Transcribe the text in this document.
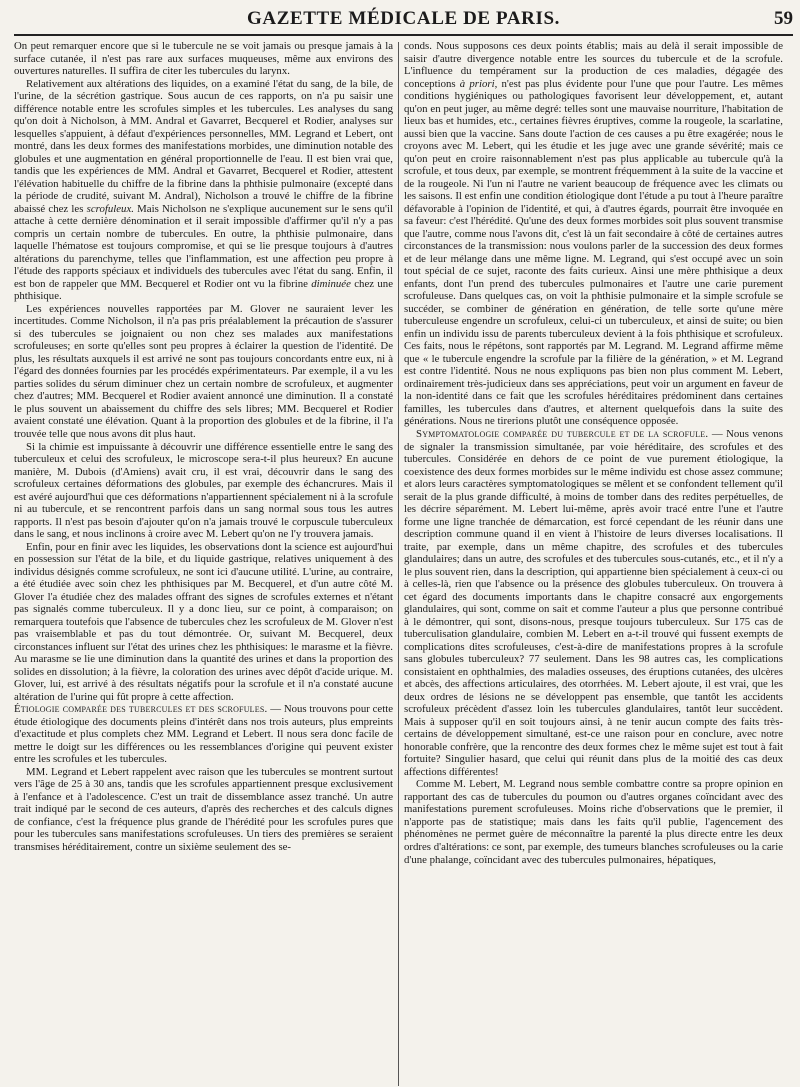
GAZETTE MÉDICALE DE PARIS.	59

On peut remarquer encore que si le tubercule ne se voit jamais ou presque jamais à la surface cutanée, il n'est pas rare aux surfaces muqueuses, même aux environs des ouvertures naturelles. Il suffira de citer les tubercules du larynx.

Relativement aux altérations des liquides, on a examiné l'état du sang, de la bile, de l'urine, de la sécrétion gastrique. Sous aucun de ces rapports, on n'a pu saisir une différence notable entre les scrofules simples et les tubercules. Les analyses du sang qu'on doit à Nicholson, à MM. Andral et Gavarret, Becquerel et Rodier, analyses sur lesquelles s'appuient, à défaut d'expériences personnelles, MM. Legrand et Lebert, ont montré, dans les deux formes des manifestations morbides, une diminution notable des globules et une augmentation en général proportionnelle de l'eau. Il est bien vrai que, tandis que les expériences de MM. Andral et Gavarret, Becquerel et Rodier, attestent l'élévation habituelle du chiffre de la fibrine dans la phthisie pulmonaire (excepté dans la période de crudité, suivant M. Andral), Nicholson a trouvé le chiffre de la fibrine abaissé chez les scrofuleux. Mais Nicholson ne s'explique aucunement sur le sens qu'il attache à cette dernière dénomination et il serait impossible d'affirmer qu'il n'y a pas compris un certain nombre de tubercules. En outre, la phthisie pulmonaire, dans laquelle l'hématose est toujours compromise, et qui se lie presque toujours à d'autres altérations du parenchyme, telles que l'inflammation, est une affection peu propre à l'étude des rapports spéciaux et individuels des tubercules avec l'état du sang. Enfin, il est bon de rappeler que MM. Becquerel et Rodier ont vu la fibrine diminuée chez une phthisique.

Les expériences nouvelles rapportées par M. Glover ne sauraient lever les incertitudes. Comme Nicholson, il n'a pas pris préalablement la précaution de s'assurer si des tubercules se joignaient ou non chez ses malades aux manifestations scrofuleuses; en sorte qu'elles sont peu propres à éclairer la question de l'identité. De plus, les résultats auxquels il est arrivé ne sont pas toujours concordants entre eux, ni à l'égard des données fournies par les procédés expérimentateurs. Par exemple, il a vu les parties solides du sérum diminuer chez un certain nombre de scrofuleux, et augmenter chez d'autres; MM. Becquerel et Rodier avaient annoncé une diminution. Il a constaté le plus souvent un abaissement du chiffre des sels libres; MM. Becquerel et Rodier avaient constaté une élévation. Quant à la proportion des globules et de la fibrine, il l'a trouvée telle que nous avons dit plus haut.

Si la chimie est impuissante à découvrir une différence essentielle entre le sang des tuberculeux et celui des scrofuleux, le microscope sera-t-il plus heureux? En aucune manière, M. Dubois (d'Amiens) avait cru, il est vrai, découvrir dans le sang des scrofuleux certaines déformations des globules, par exemple des échancrures. Mais il est avéré aujourd'hui que ces déformations n'appartiennent spécialement ni à la scrofule ni au tubercule, et se rencontrent parfois dans un sang normal sous tous les autres rapports. Il n'est pas besoin d'ajouter qu'on n'a jamais trouvé le corpuscule tuberculeux dans le sang, et nous inclinons à croire avec M. Lebert qu'on ne l'y trouvera jamais.

Enfin, pour en finir avec les liquides, les observations dont la science est aujourd'hui en possession sur l'état de la bile, et du liquide gastrique, relatives uniquement à des individus désignés comme scrofuleux, ne sont ici d'aucune utilité. L'urine, au contraire, a été étudiée avec soin chez les phthisiques par M. Becquerel, et d'un autre côté M. Glover l'a étudiée chez des malades offrant des signes de scrofules externes et n'étant pas signalés comme tuberculeux. Il y a donc lieu, sur ce point, à comparaison; on remarquera toutefois que l'absence de tubercules chez les scrofuleux de M. Glover n'est pas vraisemblable et pas du tout démontrée. Or, suivant M. Becquerel, deux circonstances influent sur l'état des urines chez les phthisiques: le marasme et la fièvre. Au marasme se lie une diminution dans la quantité des urines et dans la proportion des solides en dissolution; à la fièvre, la coloration des urines avec dépôt d'acide urique. M. Glover, lui, est arrivé à des résultats négatifs pour la scrofule et il n'a constaté aucune altération de l'urine qui fût propre à cette affection.

Étiologie comparée des tubercules et des scrofules. — Nous trouvons pour cette étude étiologique des documents pleins d'intérêt dans nos trois auteurs, plus empreints d'exactitude et plus complets chez MM. Legrand et Lebert. Il nous sera donc facile de mettre le doigt sur les différences ou les ressemblances d'origine qui peuvent exister entre les scrofules et les tubercules.

MM. Legrand et Lebert rappelent avec raison que les tubercules se montrent surtout vers l'âge de 25 à 30 ans, tandis que les scrofules appartiennent presque exclusivement à l'enfance et à l'adolescence. C'est un trait de dissemblance assez tranché. Un autre trait indiqué par le second de ces auteurs, d'après des recherches et des calculs dignes de confiance, c'est la fréquence plus grande de l'hérédité pour les scrofules pures que pour les tubercules sans manifestations scrofuleuses. Un tiers des premières se seraient transmises héréditairement, contre un sixième seulement des se-

conds. Nous supposons ces deux points établis; mais au delà il serait impossible de saisir d'autre divergence notable entre les sources du tubercule et de la scrofule. L'influence du tempérament sur la production de ces maladies, dégagée des conceptions à priori, n'est pas plus évidente pour l'une que pour l'autre. Les mêmes conditions hygiéniques ou pathologiques favorisent leur développement, et, autant qu'on en peut juger, au même degré: telles sont une mauvaise nourriture, l'habitation de lieux bas et humides, etc., certaines fièvres éruptives, comme la rougeole, la scarlatine, aussi bien que la vaccine. Sans doute l'action de ces causes a pu être exagérée; nous le croyons avec M. Lebert, qui les étudie et les juge avec une grande sévérité; mais ce qu'on peut en croire raisonnablement n'est pas plus applicable au tubercule qu'à la scrofule, et tous deux, par exemple, se montrent fréquemment à la suite de la vaccine et de la rougeole. Ni l'un ni l'autre ne varient beaucoup de fréquence avec les climats ou les saisons. Il est enfin une condition étiologique dont l'étude a pu tout à l'heure paraître défavorable à l'opinion de l'identité, et qui, à d'autres égards, pourrait être invoquée en sa faveur: c'est l'hérédité. Qu'une des deux formes morbides soit plus souvent transmise que l'autre, comme nous l'avons dit, c'est là un fait secondaire à côté de certaines autres circonstances de la transmission: nous voulons parler de la succession des deux formes et de leur mélange dans une même ligne. M. Legrand, qui s'est occupé avec un soin tout spécial de ce sujet, raconte des faits curieux. Ainsi une mère phthisique a deux enfants, dont l'un prend des tubercules pulmonaires et l'autre une carie purement scrofuleuse. Dans quelques cas, on voit la phthisie pulmonaire et la simple scrofule se succéder, se combiner de génération en génération, de telle sorte qu'une mère tuberculeuse engendre un scrofuleux, celui-ci un tuberculeux, et ainsi de suite; ou bien enfin un individu issu de parents tuberculeux devient à la fois phthisique et scrofuleux. Ces faits, nous le répétons, sont rapportés par M. Legrand. M. Legrand affirme même que « le tubercule engendre la scrofule par la filière de la génération, » et M. Legrand est contre l'identité. Nous ne nous expliquons pas bien non plus comment M. Lebert, ordinairement très-judicieux dans ses appréciations, peut voir un argument en faveur de la non-identité dans ce fait que les scrofules héréditaires prédominent dans certaines familles, les tubercules dans d'autres, et alternent quelquefois dans la suite des générations. Nous ne tirerions plutôt une conséquence opposée.

Symptomatologie comparée du tubercule et de la scrofule. — Nous venons de signaler la transmission simultanée, par voie héréditaire, des scrofules et des tubercules. Considérée en dehors de ce point de vue purement étiologique, la coexistence des deux formes morbides sur le même individu est chose assez commune; et alors leurs caractères symptomatologiques se mêlent et se confondent tellement qu'il serait de la plus grande difficulté, à moins de tomber dans des redites perpétuelles, de les décrire séparément. M. Lebert lui-même, après avoir tracé entre l'une et l'autre forme une ligne tranchée de démarcation, est forcé cependant de les réunir dans une description commune quand il en vient à l'histoire de leurs diverses localisations. Il traite, par exemple, dans un même chapitre, des scrofules et des tubercules glandulaires; dans un autre, des scrofules et des tubercules sous-cutanés, etc., et il n'y a le plus souvent rien, dans la description, qui appartienne bien spécialement à ceux-ci ou à celles-là, rien que l'absence ou la présence des globules tuberculeux. On trouvera à cet égard des documents importants dans le chapitre consacré aux engorgements glandulaires, qui sont, comme on sait et comme l'auteur a plus que personne contribué à le démontrer, qui sont, disons-nous, presque toujours tuberculeux. Sur 175 cas de tuberculisation glandulaire, combien M. Lebert en a-t-il trouvé qui fussent exempts de complications dites scrofuleuses, c'est-à-dire de manifestations propres à la scrofule sans globules tuberculeux? 77 seulement. Dans les 98 autres cas, les complications consistaient en ophthalmies, des maladies osseuses, des éruptions cutanées, des ulcères et abcès, des affections articulaires, des otorrhées. M. Lebert ajoute, il est vrai, que les deux ordres de lésions ne se développent pas ensemble, que tantôt les accidents scrofuleux précèdent d'assez loin les tubercules glandulaires, tantôt leur succèdent. Mais à supposer qu'il en soit toujours ainsi, à ne tenir aucun compte des faits très-certains de développement simultané, est-ce une raison pour en conclure, avec notre honorable confrère, que la rencontre des deux formes chez le même sujet est tout à fait fortuite? Singulier hasard, que celui qui réunit dans plus de la moitié des cas deux affections différentes!

Comme M. Lebert, M. Legrand nous semble combattre contre sa propre opinion en rapportant des cas de tubercules du poumon ou d'autres organes coïncidant avec des manifestations purement scrofuleuses. Moins riche d'observations que le premier, il n'apporte pas de statistique; mais dans les faits qu'il publie, l'agencement des phénomènes ne permet guère de méconnaître la parenté la plus directe entre les deux ordres d'altérations: ce sont, par exemple, des tumeurs blanches scrofuleuses ou la carie d'une phalange, coïncidant avec des tubercules pulmonaires, hépatiques,
